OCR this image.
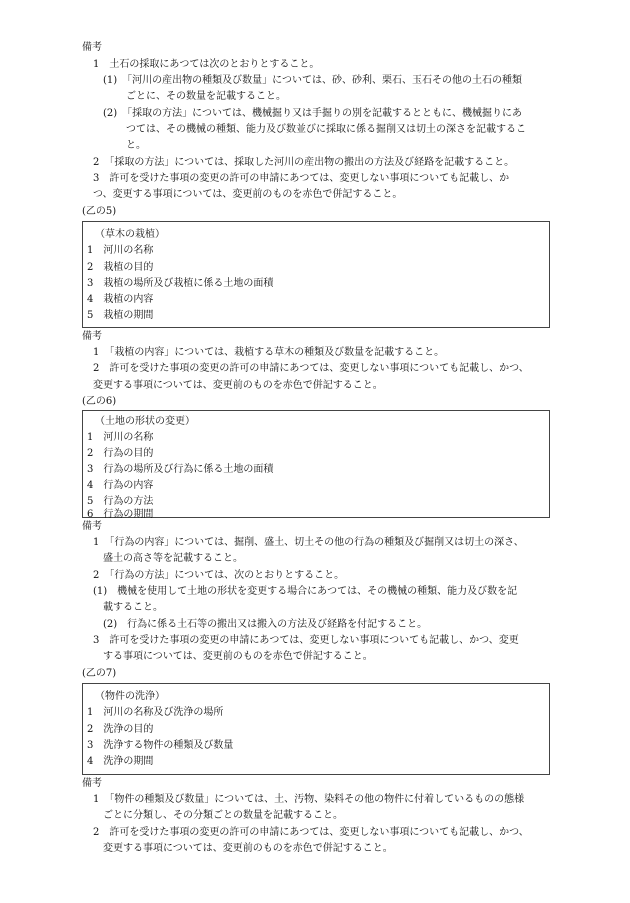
備考
1　土石の採取にあつては次のとおりとすること。
(1)　「河川の産出物の種類及び数量」については、砂、砂利、栗石、玉石その他の土石の種類
ごとに、その数量を記載すること。
(2)　「採取の方法」については、機械掘り又は手掘りの別を記載するとともに、機械掘りにあ
つては、その機械の種類、能力及び数並びに採取に係る掘削又は切土の深さを記載するこ
と。
2　「採取の方法」については、採取した河川の産出物の搬出の方法及び経路を記載すること。
3　許可を受けた事項の変更の許可の申請にあつては、変更しない事項についても記載し、か
つ、変更する事項については、変更前のものを赤色で併記すること。
(乙の5)
（草木の栽植）
1　河川の名称
2　栽植の目的
3　栽植の場所及び栽植に係る土地の面積
4　栽植の内容
5　栽植の期間
備考
1　「栽植の内容」については、栽植する草木の種類及び数量を記載すること。
2　許可を受けた事項の変更の許可の申請にあつては、変更しない事項についても記載し、かつ、
変更する事項については、変更前のものを赤色で併記すること。
(乙の6)
（土地の形状の変更）
1　河川の名称
2　行為の目的
3　行為の場所及び行為に係る土地の面積
4　行為の内容
5　行為の方法
6　行為の期間
備考
1　「行為の内容」については、掘削、盛土、切土その他の行為の種類及び掘削又は切土の深さ、
盛土の高さ等を記載すること。
2　「行為の方法」については、次のとおりとすること。
(1)　機械を使用して土地の形状を変更する場合にあつては、その機械の種類、能力及び数を記
載すること。
(2)　行為に係る土石等の搬出又は搬入の方法及び経路を付記すること。
3　許可を受けた事項の変更の申請にあつては、変更しない事項についても記載し、かつ、変更
する事項については、変更前のものを赤色で併記すること。
(乙の7)
（物件の洗浄）
1　河川の名称及び洗浄の場所
2　洗浄の目的
3　洗浄する物件の種類及び数量
4　洗浄の期間
備考
1　「物件の種類及び数量」については、土、汚物、染料その他の物件に付着しているものの態様
ごとに分類し、その分類ごとの数量を記載すること。
2　許可を受けた事項の変更の許可の申請にあつては、変更しない事項についても記載し、かつ、
変更する事項については、変更前のものを赤色で併記すること。
